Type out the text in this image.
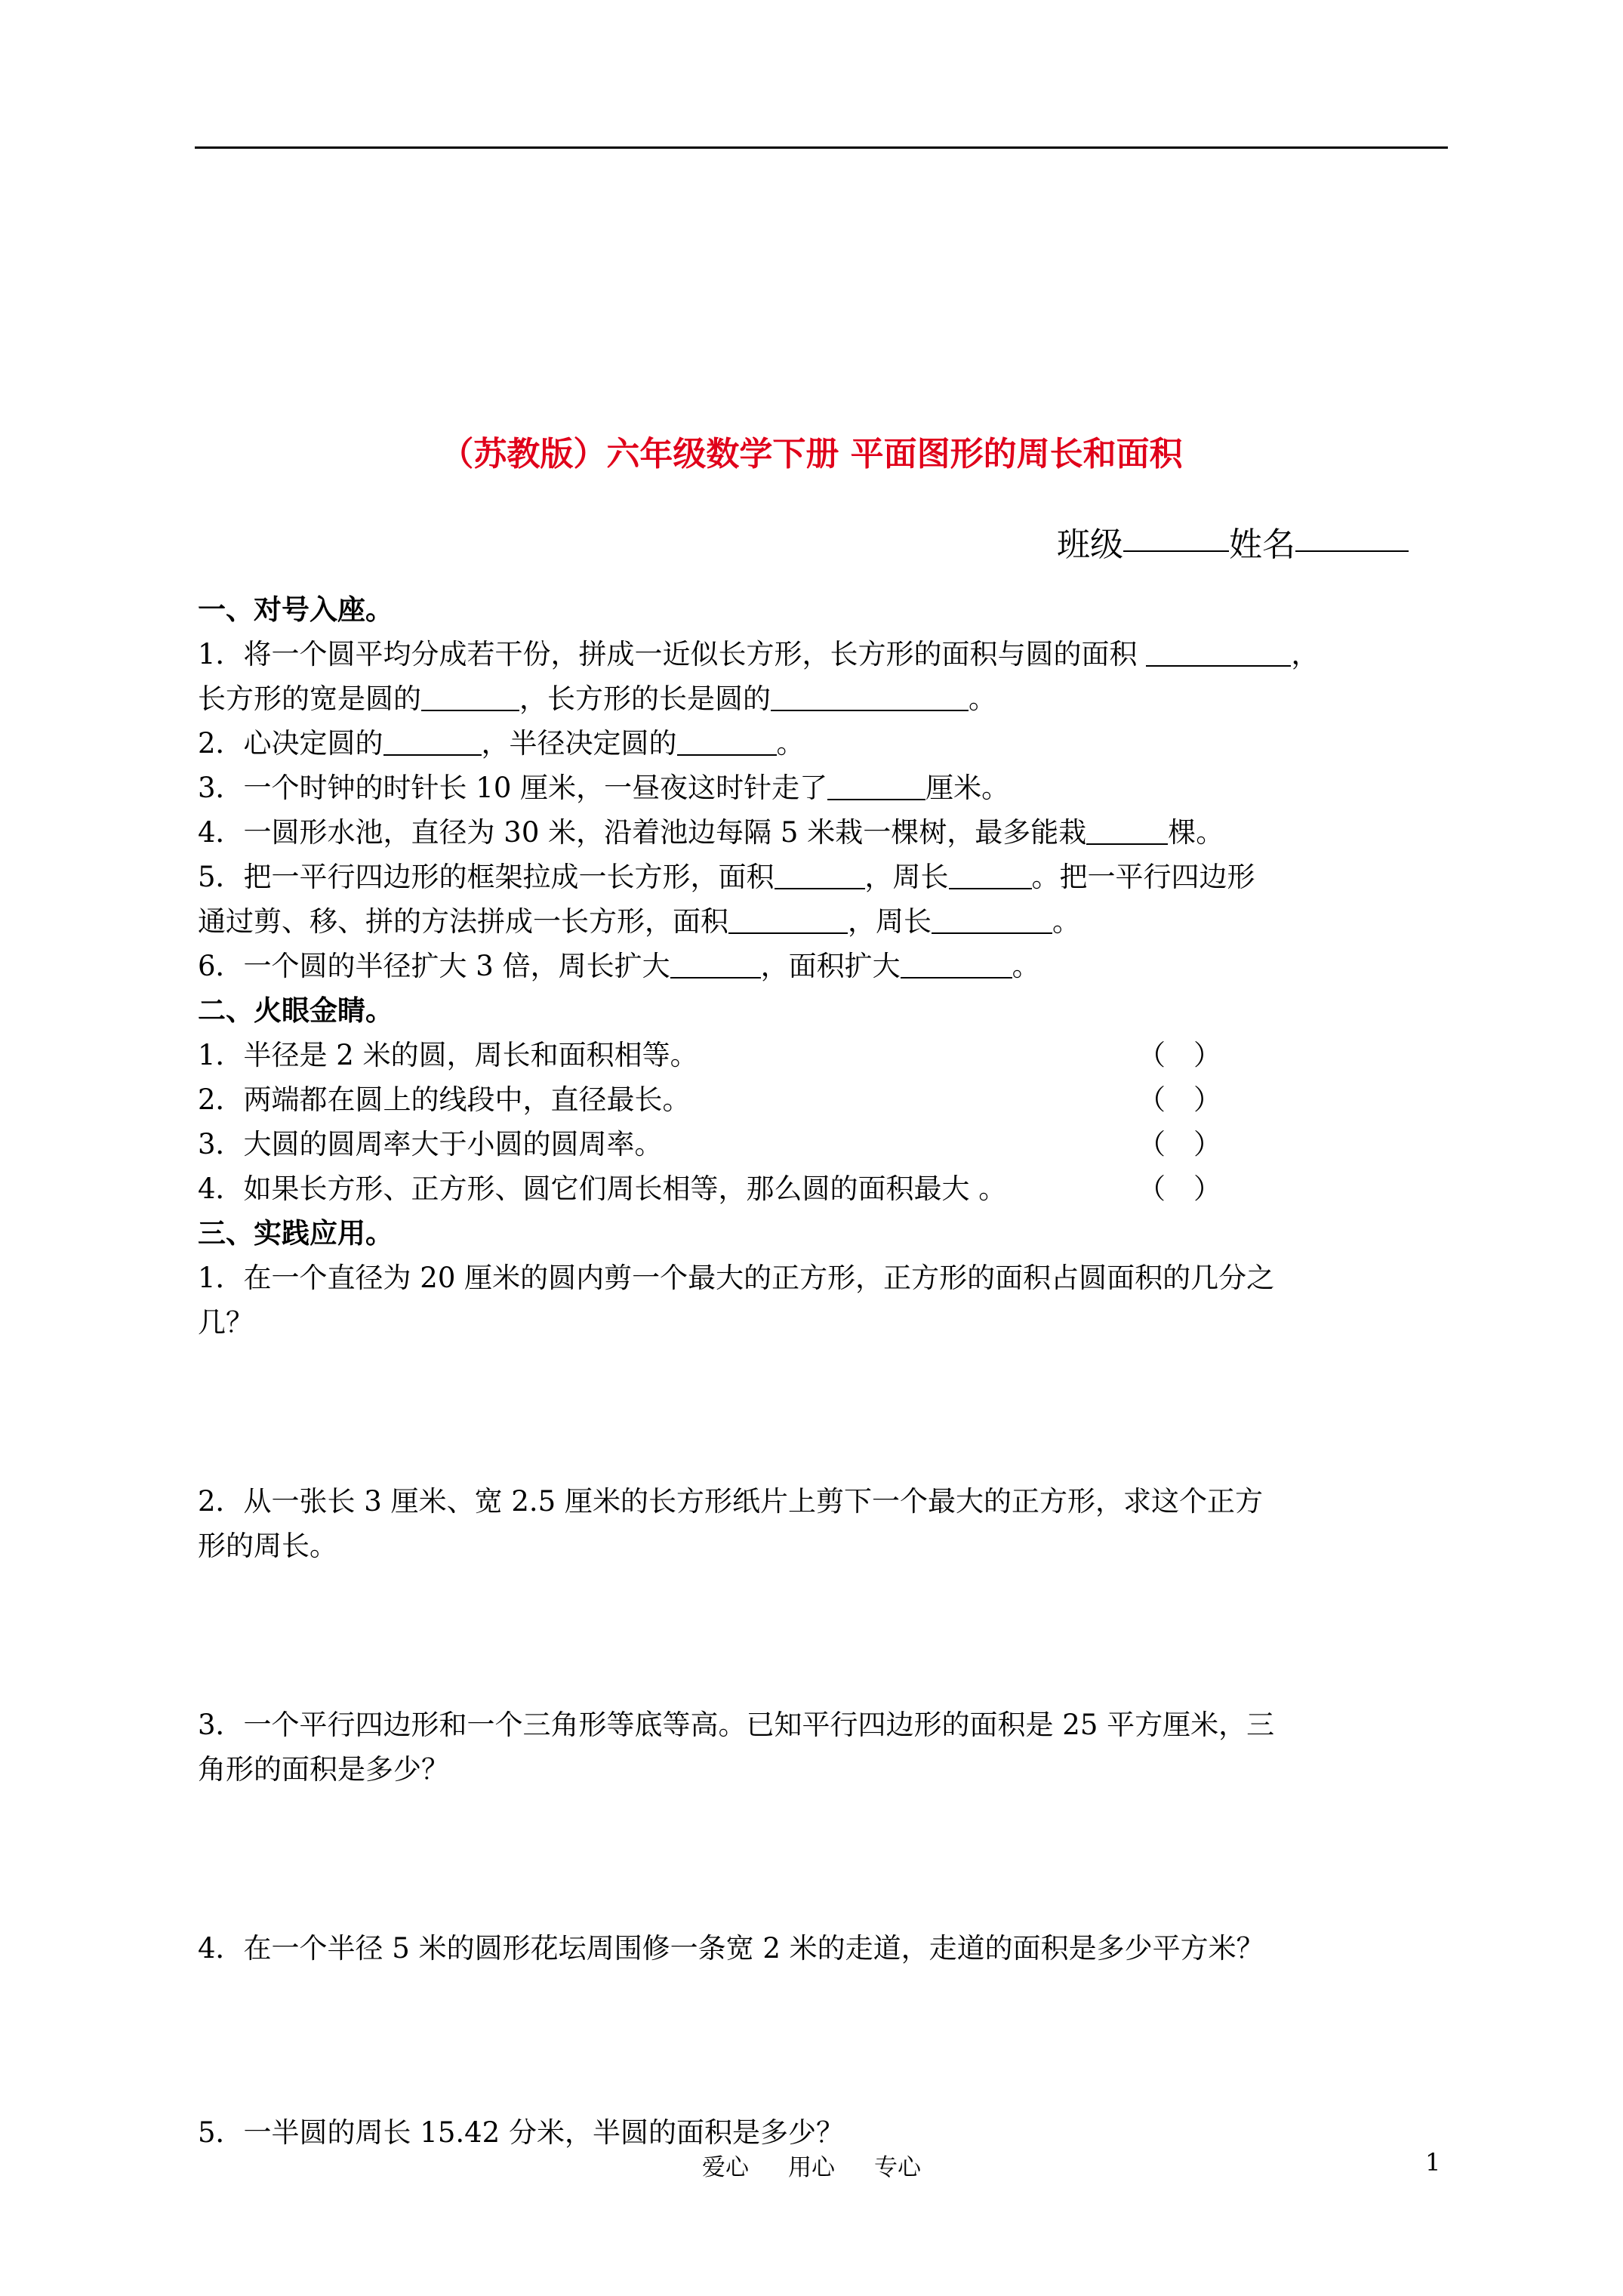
（苏教版）六年级数学下册 平面图形的周长和面积
班级	姓名
一、对号入座。
1．将一个圆平均分成若干份，拼成一近似长方形，长方形的面积与圆的面积	，
长方形的宽是圆的	，长方形的长是圆的	。
2．心决定圆的	，半径决定圆的	。
3．一个时钟的时针长 10 厘米，一昼夜这时针走了	厘米。
4．一圆形水池，直径为 30 米，沿着池边每隔 5 米栽一棵树，最多能栽	棵。
5．把一平行四边形的框架拉成一长方形，面积	，周长	。把一平行四边形
通过剪、移、拼的方法拼成一长方形，面积	，周长	。
6．一个圆的半径扩大 3 倍，周长扩大	，面积扩大	。
二、火眼金睛。
1．半径是 2 米的圆，周长和面积相等。	（　）
2．两端都在圆上的线段中，直径最长。	（　）
3．大圆的圆周率大于小圆的圆周率。	（　）
4．如果长方形、正方形、圆它们周长相等，那么圆的面积最大 。	（　）
三、实践应用。
1．在一个直径为 20 厘米的圆内剪一个最大的正方形，正方形的面积占圆面积的几分之
几？
2．从一张长 3 厘米、宽 2.5 厘米的长方形纸片上剪下一个最大的正方形，求这个正方
形的周长。
3．一个平行四边形和一个三角形等底等高。已知平行四边形的面积是 25 平方厘米，三
角形的面积是多少？
4．在一个半径 5 米的圆形花坛周围修一条宽 2 米的走道，走道的面积是多少平方米？
5．一半圆的周长 15.42 分米，半圆的面积是多少？
爱心 用心 专心	1
